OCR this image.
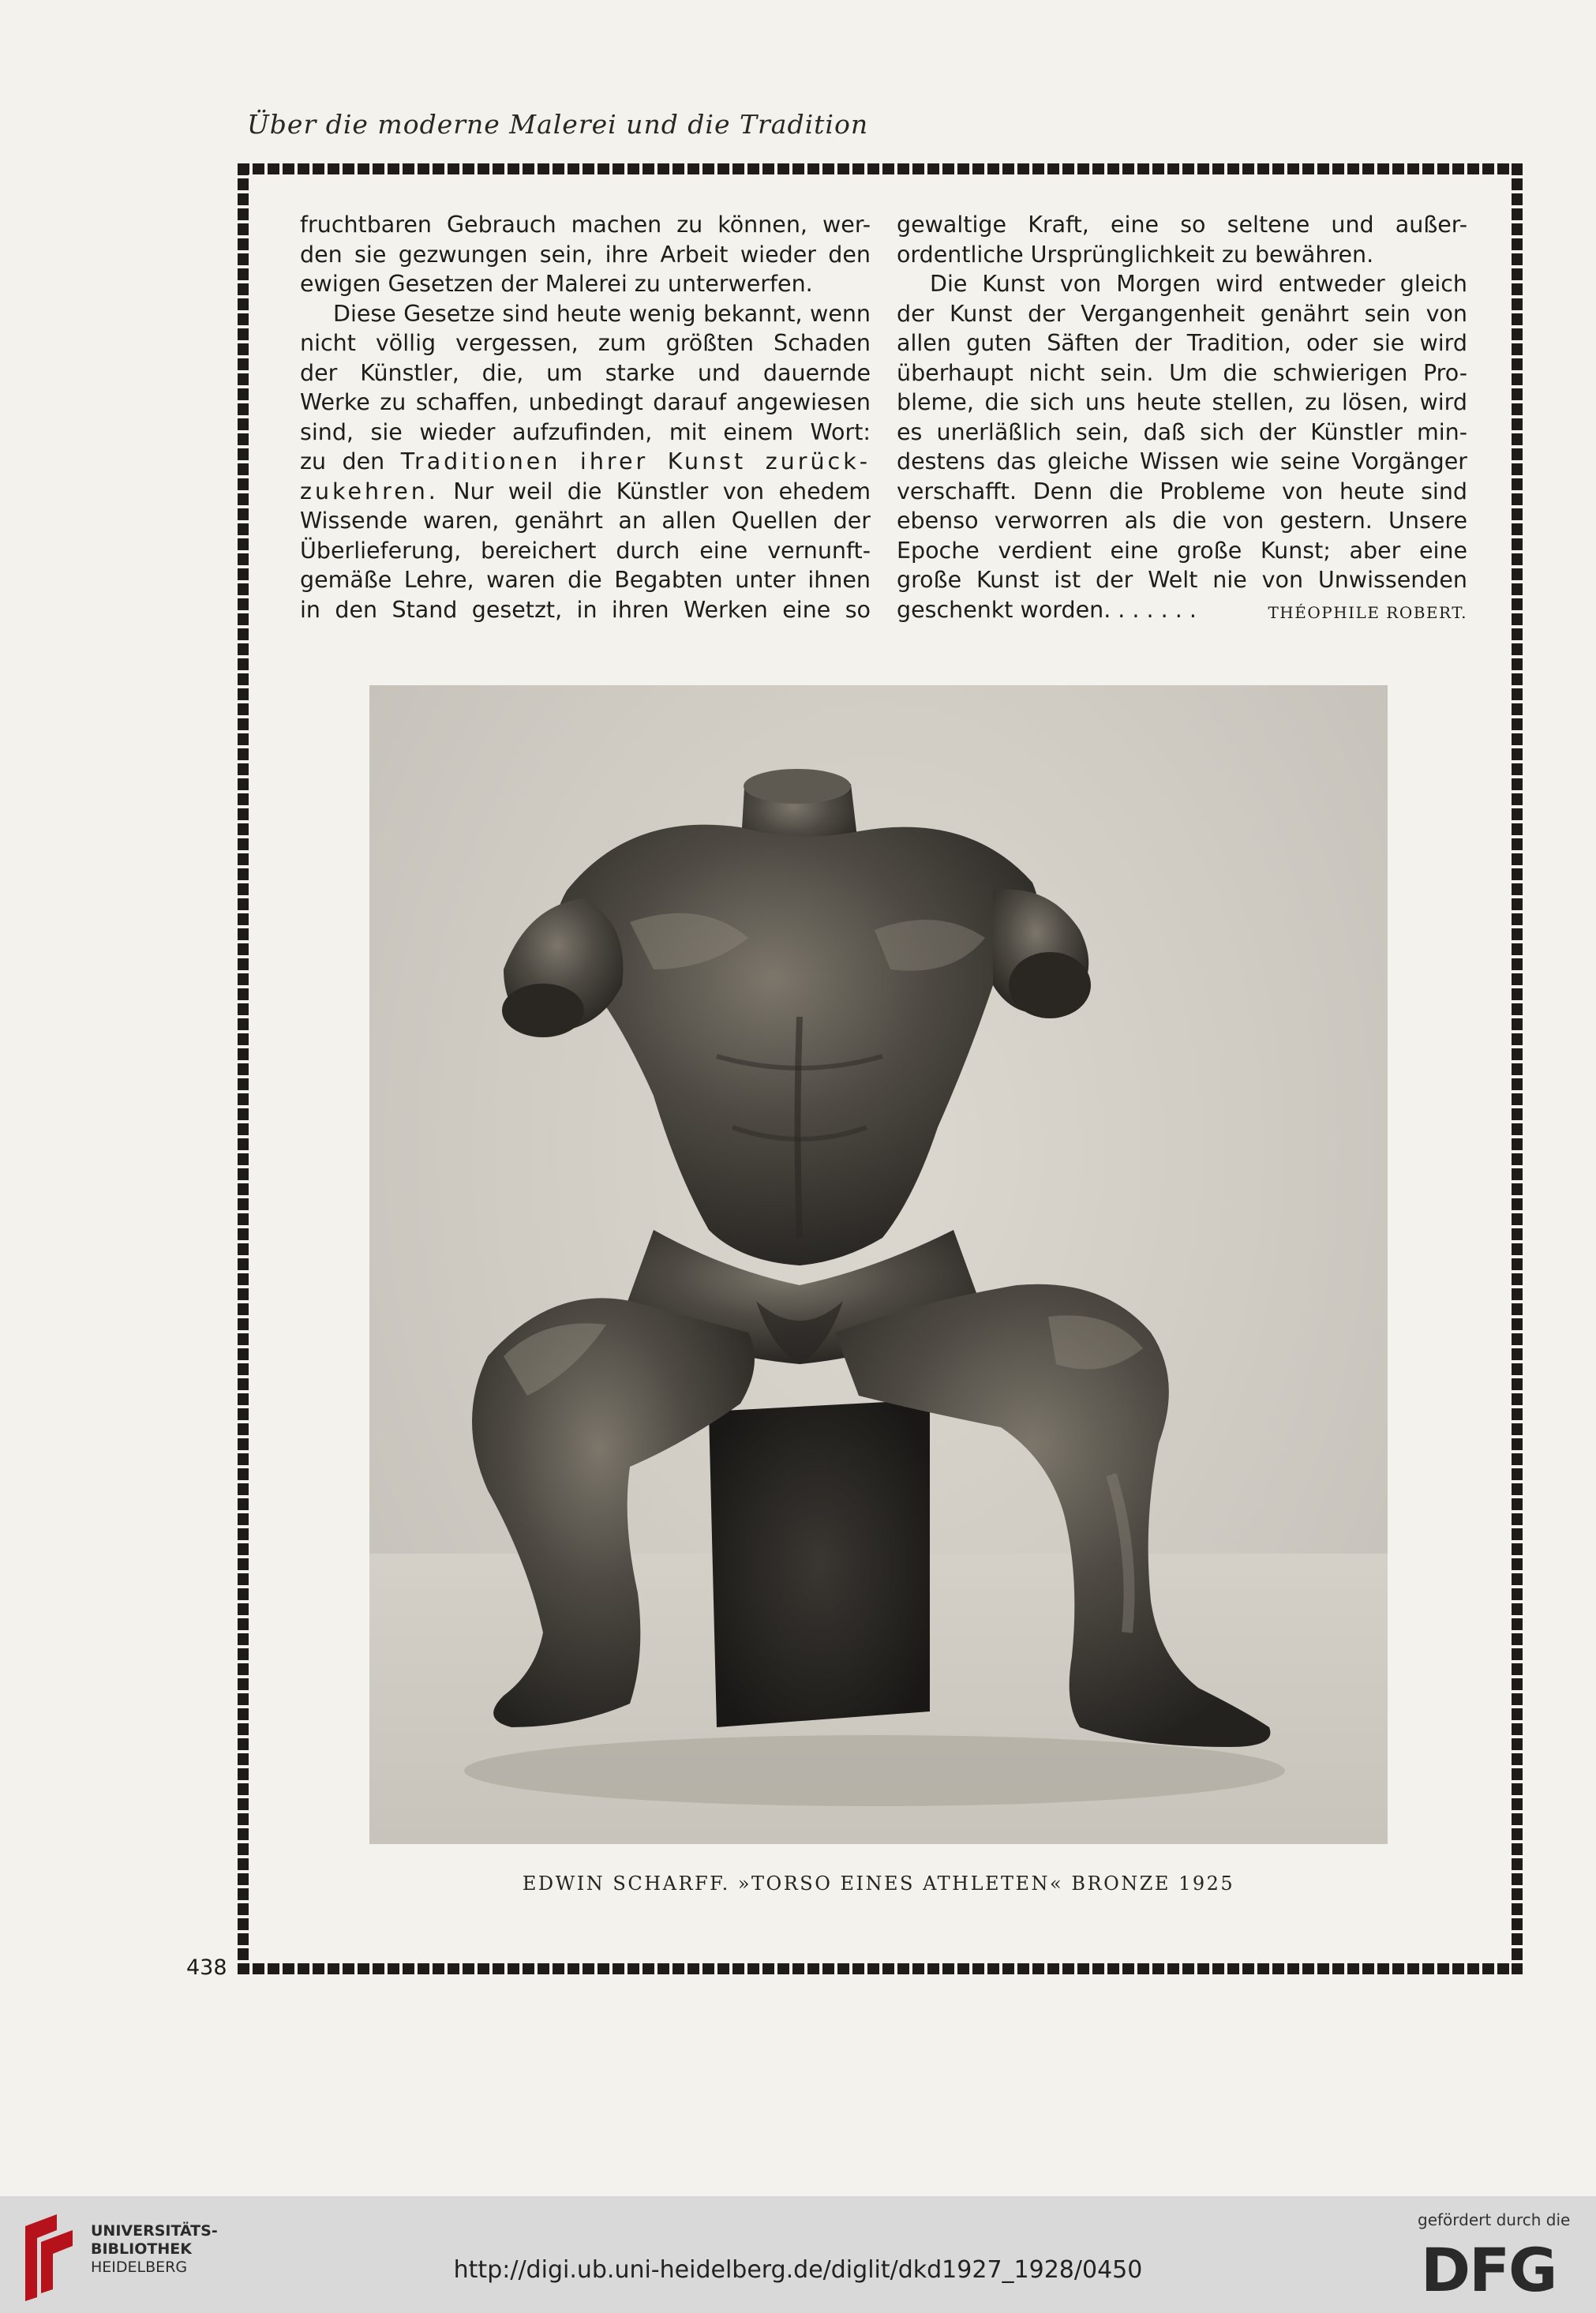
Über die moderne Malerei und die Tradition
fruchtbaren Gebrauch machen zu können, wer-
den sie gezwungen sein, ihre Arbeit wieder den
ewigen Gesetzen der Malerei zu unterwerfen.
Diese Gesetze sind heute wenig bekannt, wenn
nicht völlig vergessen, zum größten Schaden
der Künstler, die, um starke und dauernde
Werke zu schaffen, unbedingt darauf angewiesen
sind, sie wieder aufzufinden, mit einem Wort:
zu den Traditionen ihrer Kunst zurück-
zukehren. Nur weil die Künstler von ehedem
Wissende waren, genährt an allen Quellen der
Überlieferung, bereichert durch eine vernunft-
gemäße Lehre, waren die Begabten unter ihnen
in den Stand gesetzt, in ihren Werken eine so
gewaltige Kraft, eine so seltene und außer-
ordentliche Ursprünglichkeit zu bewähren.
Die Kunst von Morgen wird entweder gleich
der Kunst der Vergangenheit genährt sein von
allen guten Säften der Tradition, oder sie wird
überhaupt nicht sein. Um die schwierigen Pro-
bleme, die sich uns heute stellen, zu lösen, wird
es unerläßlich sein, daß sich der Künstler min-
destens das gleiche Wissen wie seine Vorgänger
verschafft. Denn die Probleme von heute sind
ebenso verworren als die von gestern. Unsere
Epoche verdient eine große Kunst; aber eine
große Kunst ist der Welt nie von Unwissenden
geschenkt worden. . . . . . .	THÉOPHILE ROBERT.
EDWIN SCHARFF. »TORSO EINES ATHLETEN« BRONZE 1925
438
UNIVERSITÄTS-
BIBLIOTHEK
HEIDELBERG	http://digi.ub.uni-heidelberg.de/diglit/dkd1927_1928/0450
gefördert durch die
DFG
